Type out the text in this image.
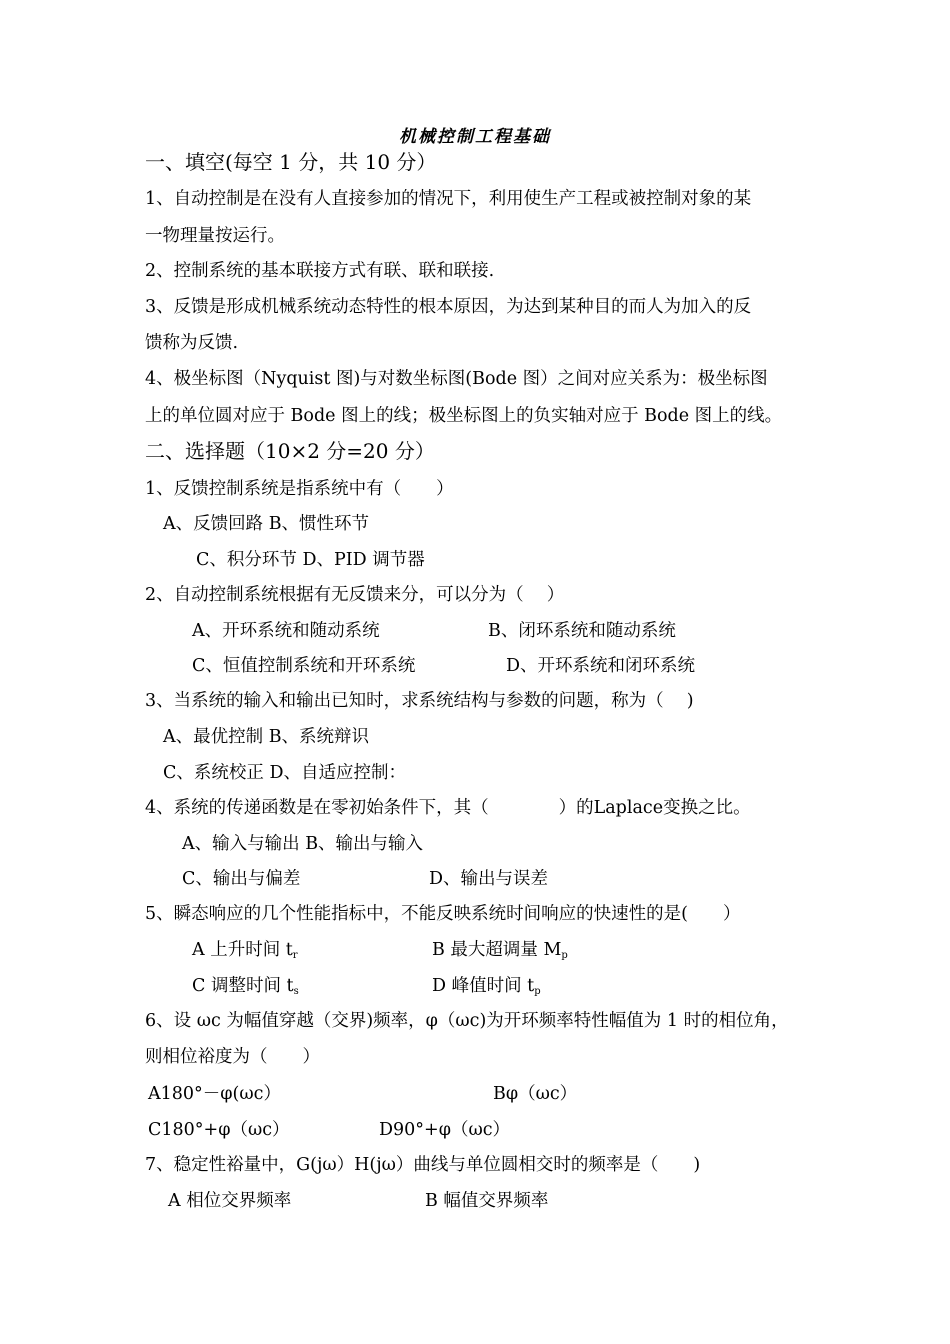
机械控制工程基础
一、填空(每空 1 分，共 10 分）
1、自动控制是在没有人直接参加的情况下，利用使生产工程或被控制对象的某
一物理量按运行。
2、控制系统的基本联接方式有联、联和联接.
3、反馈是形成机械系统动态特性的根本原因，为达到某种目的而人为加入的反
馈称为反馈.
4、极坐标图（Nyquist 图)与对数坐标图(Bode 图）之间对应关系为：极坐标图
上的单位圆对应于 Bode 图上的线；极坐标图上的负实轴对应于 Bode 图上的线。
二、选择题（10×2 分=20 分）
1、反馈控制系统是指系统中有（　　）
A、反馈回路 B、惯性环节
C、积分环节 D、PID 调节器
2、自动控制系统根据有无反馈来分，可以分为（　 ）
A、开环系统和随动系统	B、闭环系统和随动系统
C、恒值控制系统和开环系统	D、开环系统和闭环系统
3、当系统的输入和输出已知时，求系统结构与参数的问题，称为（　 )
A、最优控制 B、系统辩识
C、系统校正 D、自适应控制：
4、系统的传递函数是在零初始条件下，其（　　　　）的Laplace变换之比。
A、输入与输出 B、输出与输入
C、输出与偏差	D、输出与误差
5、瞬态响应的几个性能指标中，不能反映系统时间响应的快速性的是(　　）
A 上升时间 $t_r$	B 最大超调量 $M_p$
C 调整时间 $t_s$	D 峰值时间 $t_p$
6、设 ωc 为幅值穿越（交界)频率，φ（ωc)为开环频率特性幅值为 1 时的相位角，
则相位裕度为（　　）
A180°－φ(ωc）	Bφ（ωc）
C180°+φ（ωc）	D90°+φ（ωc）
7、稳定性裕量中，G(jω）H(jω）曲线与单位圆相交时的频率是（　　)
A 相位交界频率	B 幅值交界频率
